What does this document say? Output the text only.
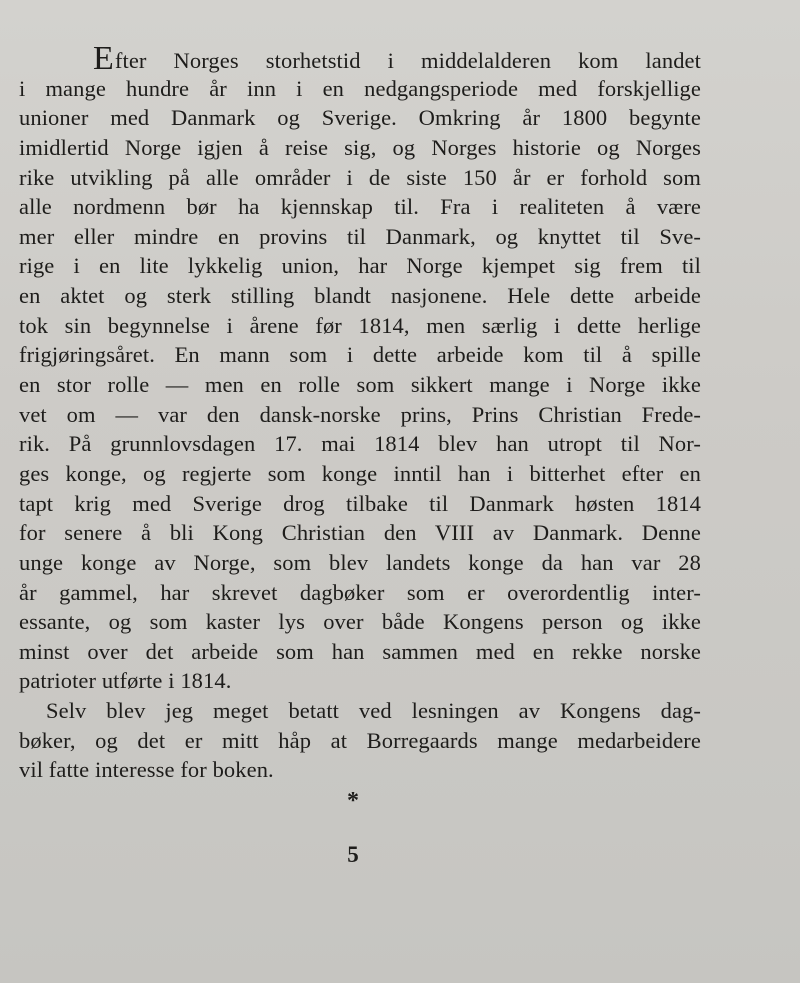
Efter Norges storhetstid i middelalderen kom landet
i mange hundre år inn i en nedgangsperiode med forskjellige
unioner med Danmark og Sverige. Omkring år 1800 begynte
imidlertid Norge igjen å reise sig, og Norges historie og Norges
rike utvikling på alle områder i de siste 150 år er forhold som
alle nordmenn bør ha kjennskap til. Fra i realiteten å være
mer eller mindre en provins til Danmark, og knyttet til Sve-
rige i en lite lykkelig union, har Norge kjempet sig frem til
en aktet og sterk stilling blandt nasjonene. Hele dette arbeide
tok sin begynnelse i årene før 1814, men særlig i dette herlige
frigjøringsåret. En mann som i dette arbeide kom til å spille
en stor rolle — men en rolle som sikkert mange i Norge ikke
vet om — var den dansk-norske prins, Prins Christian Frede-
rik. På grunnlovsdagen 17. mai 1814 blev han utropt til Nor-
ges konge, og regjerte som konge inntil han i bitterhet efter en
tapt krig med Sverige drog tilbake til Danmark høsten 1814
for senere å bli Kong Christian den VIII av Danmark. Denne
unge konge av Norge, som blev landets konge da han var 28
år gammel, har skrevet dagbøker som er overordentlig inter-
essante, og som kaster lys over både Kongens person og ikke
minst over det arbeide som han sammen med en rekke norske
patrioter utførte i 1814.
Selv blev jeg meget betatt ved lesningen av Kongens dag-
bøker, og det er mitt håp at Borregaards mange medarbeidere
vil fatte interesse for boken.
*
5
